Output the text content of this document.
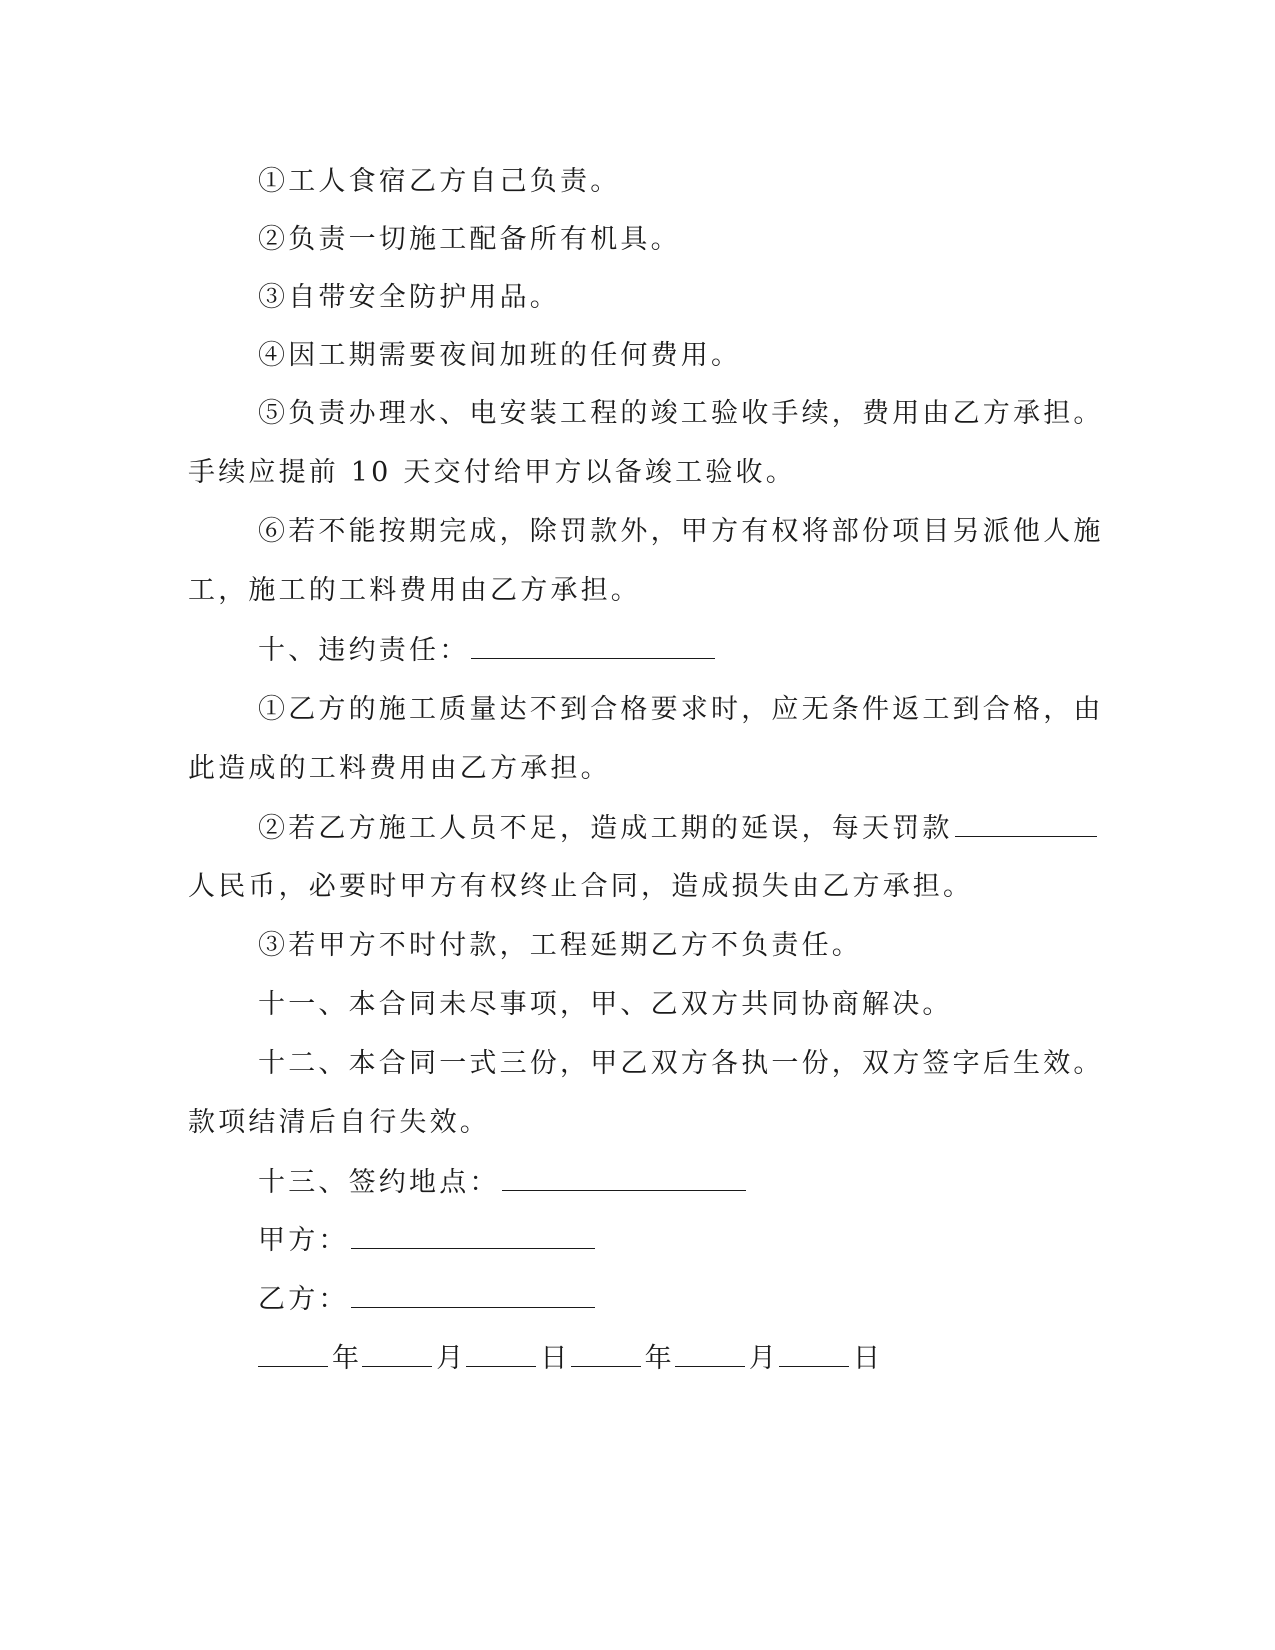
①工人食宿乙方自己负责。
②负责一切施工配备所有机具。
③自带安全防护用品。
④因工期需要夜间加班的任何费用。
⑤负责办理水、电安装工程的竣工验收手续，费用由乙方承担。
手续应提前 10 天交付给甲方以备竣工验收。
⑥若不能按期完成，除罚款外，甲方有权将部份项目另派他人施
工，施工的工料费用由乙方承担。
十、违约责任：
①乙方的施工质量达不到合格要求时，应无条件返工到合格，由
此造成的工料费用由乙方承担。
②若乙方施工人员不足，造成工期的延误，每天罚款
人民币，必要时甲方有权终止合同，造成损失由乙方承担。
③若甲方不时付款，工程延期乙方不负责任。
十一、本合同未尽事项，甲、乙双方共同协商解决。
十二、本合同一式三份，甲乙双方各执一份，双方签字后生效。
款项结清后自行失效。
十三、签约地点：
甲方：
乙方：
年	月	日	年	月	日
